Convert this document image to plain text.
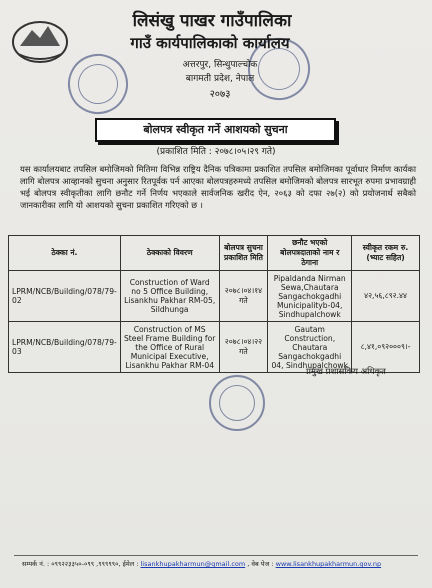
लिसंखु पाखर गाउँपालिका
गाउँ कार्यपालिकाको कार्यालय
अत्तरपुर, सिन्धुपाल्चोक
बागमती प्रदेश, नेपाल
२०७३
बोलपत्र स्वीकृत गर्ने आशयको सुचना
(प्रकाशित मिति : २०७८।०५।२९ गते)
यस कार्यालयबाट तपसिल बमोजिमको मितिमा विभिन्न राष्ट्रिय दैनिक पत्रिकामा प्रकाशित तपसिल बमोजिमका पूर्वाधार निर्माण कार्यका लागि बोलपत्र आव्हानको सुचना अनुसार रितपूर्वक पर्न आएका बोलपत्रहरुमध्ये तपसिल बमोजिमको बोलपत्र सारभूत रुपमा प्रभावग्राही भई बोलपत्र स्वीकृतीका लागि छनौट गर्ने निर्णय भएकाले सार्वजनिक खरीद ऐन, २०६३ को दफा २७(२) को प्रयोजनार्थ सबैको जानकारीका लागि यो आशयको सुचना प्रकाशित गरिएको छ ।
ठेक्का नं.	ठेक्काको विवरण	बोलपत्र सुचना प्रकाशित मिति	छनौट भएको बोलपत्रदाताको नाम र ठेगाना	स्वीकृत रकम रु. (भ्याट सहित)
LPRM/NCB/Building/078/79-02	Construction of Ward no 5 Office Building, Lisankhu Pakhar RM-05, Sildhunga	२०७८।०४।१४ गते	Pipaldanda Nirman Sewa,Chautara Sangachokgadhi Municipalityb-04, Sindhupalchowk	४२,५६,८९२.४४
LPRM/NCB/Building/078/79-03	Construction of MS Steel Frame Building for the Office of Rural Municipal Executive, Lisankhu Pakhar RM-04	२०७८।०४।२२ गते	Gautam Construction, Chautara Sangachokgadhi 04, Sindhupalchowk	८,४१,०९२०००९।-
प्रमुख प्रशासकिय अधिकृत
सम्पर्क नं. : ०९९२२३३५०-०९९ ,९९९९९०, ईमेल : lisankhupakharmun@gmail.com , वेब पेज : www.lisankhupakharmun.gov.np
